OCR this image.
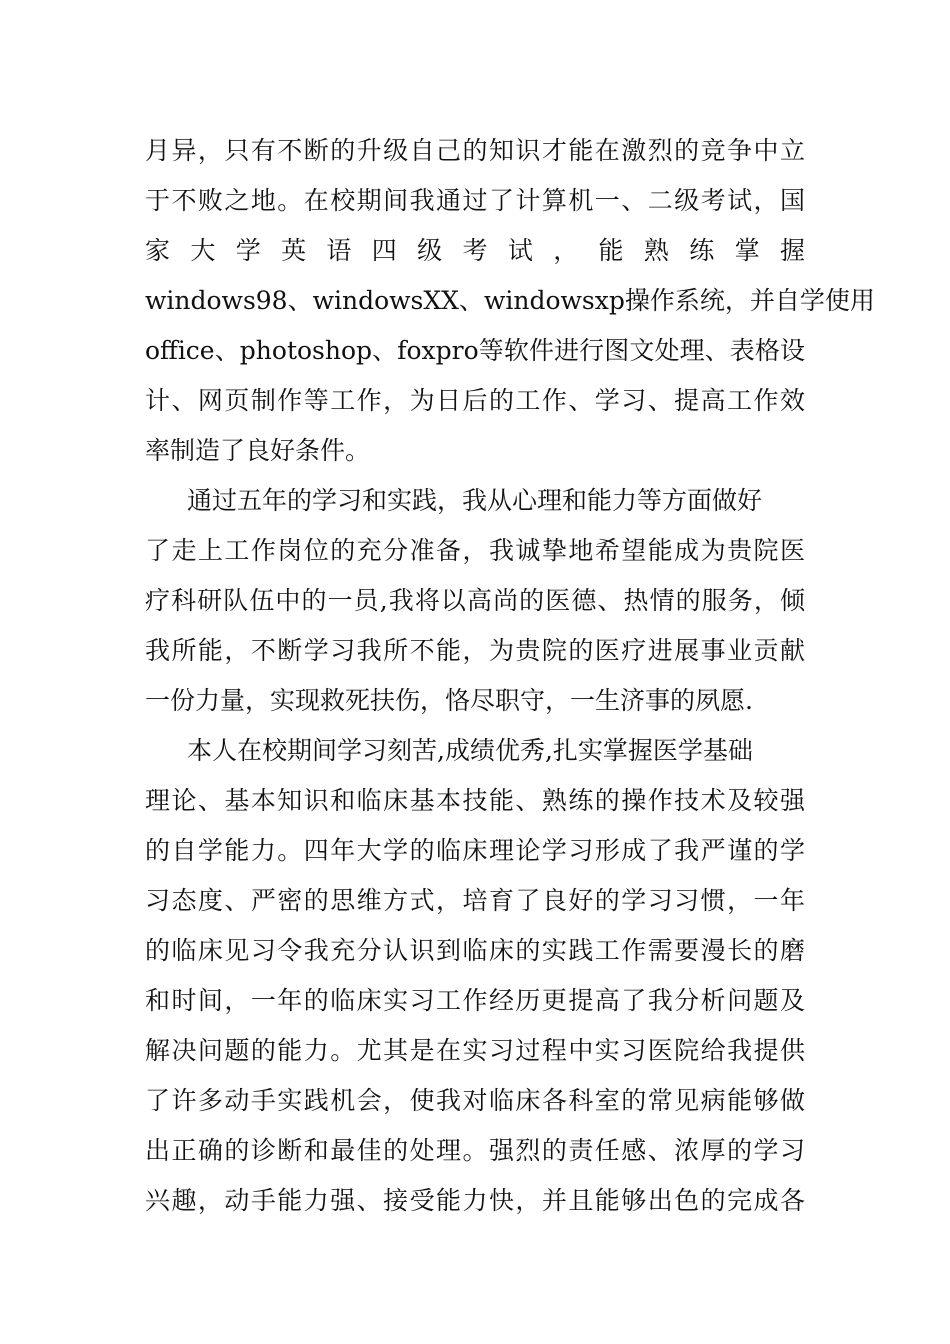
月异，只有不断的升级自己的知识才能在激烈的竞争中立
于不败之地。在校期间我通过了计算机一、二级考试，国
家大学英语四级考试，能熟练掌握
windows98、windowsXX、windowsxp操作系统，并自学使用
office、photoshop、foxpro等软件进行图文处理、表格设
计、网页制作等工作，为日后的工作、学习、提高工作效
率制造了良好条件。
通过五年的学习和实践，我从心理和能力等方面做好
了走上工作岗位的充分准备，我诚挚地希望能成为贵院医
疗科研队伍中的一员,我将以高尚的医德、热情的服务，倾
我所能，不断学习我所不能，为贵院的医疗进展事业贡献
一份力量，实现救死扶伤，恪尽职守，一生济事的夙愿.
本人在校期间学习刻苦,成绩优秀,扎实掌握医学基础
理论、基本知识和临床基本技能、熟练的操作技术及较强
的自学能力。四年大学的临床理论学习形成了我严谨的学
习态度、严密的思维方式，培育了良好的学习习惯，一年
的临床见习令我充分认识到临床的实践工作需要漫长的磨
和时间，一年的临床实习工作经历更提高了我分析问题及
解决问题的能力。尤其是在实习过程中实习医院给我提供
了许多动手实践机会，使我对临床各科室的常见病能够做
出正确的诊断和最佳的处理。强烈的责任感、浓厚的学习
兴趣，动手能力强、接受能力快，并且能够出色的完成各
